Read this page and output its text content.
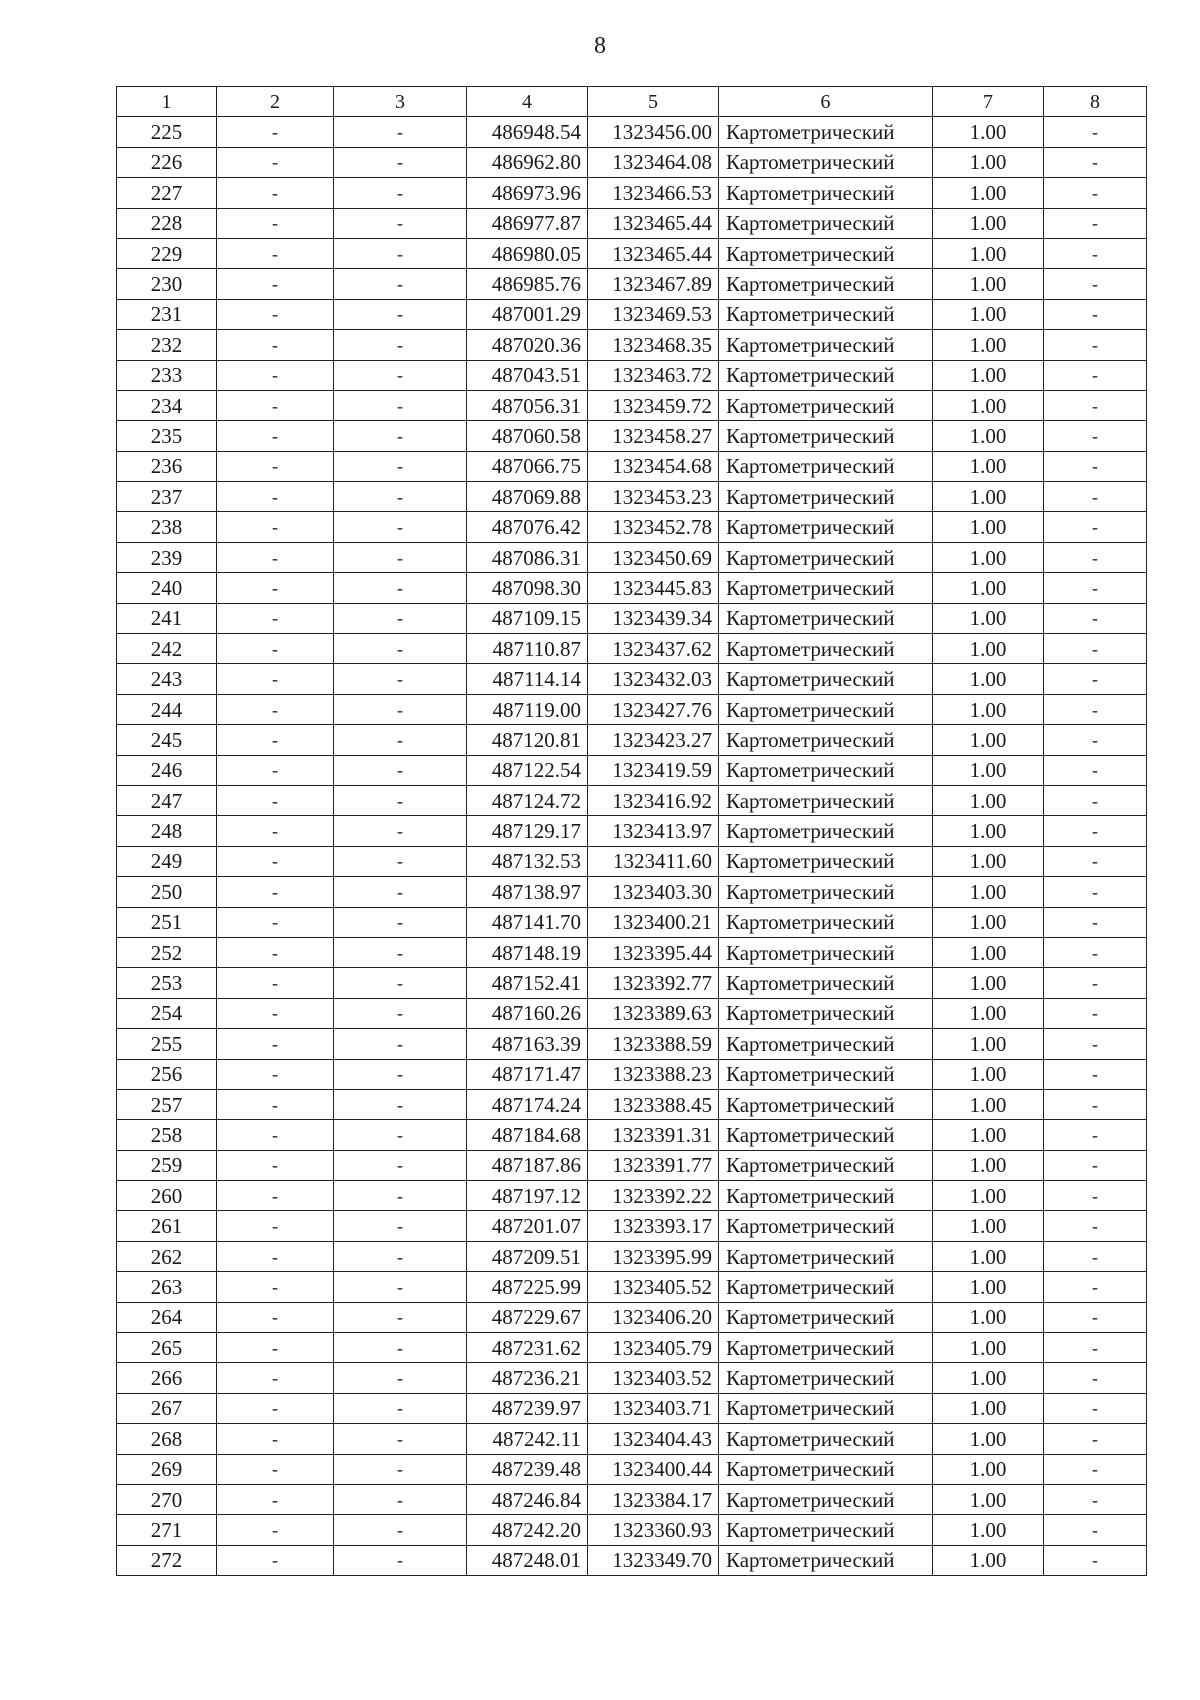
8
1	2	3	4	5	6	7	8
225	-	-	486948.54	1323456.00	Картометрический	1.00	-
226	-	-	486962.80	1323464.08	Картометрический	1.00	-
227	-	-	486973.96	1323466.53	Картометрический	1.00	-
228	-	-	486977.87	1323465.44	Картометрический	1.00	-
229	-	-	486980.05	1323465.44	Картометрический	1.00	-
230	-	-	486985.76	1323467.89	Картометрический	1.00	-
231	-	-	487001.29	1323469.53	Картометрический	1.00	-
232	-	-	487020.36	1323468.35	Картометрический	1.00	-
233	-	-	487043.51	1323463.72	Картометрический	1.00	-
234	-	-	487056.31	1323459.72	Картометрический	1.00	-
235	-	-	487060.58	1323458.27	Картометрический	1.00	-
236	-	-	487066.75	1323454.68	Картометрический	1.00	-
237	-	-	487069.88	1323453.23	Картометрический	1.00	-
238	-	-	487076.42	1323452.78	Картометрический	1.00	-
239	-	-	487086.31	1323450.69	Картометрический	1.00	-
240	-	-	487098.30	1323445.83	Картометрический	1.00	-
241	-	-	487109.15	1323439.34	Картометрический	1.00	-
242	-	-	487110.87	1323437.62	Картометрический	1.00	-
243	-	-	487114.14	1323432.03	Картометрический	1.00	-
244	-	-	487119.00	1323427.76	Картометрический	1.00	-
245	-	-	487120.81	1323423.27	Картометрический	1.00	-
246	-	-	487122.54	1323419.59	Картометрический	1.00	-
247	-	-	487124.72	1323416.92	Картометрический	1.00	-
248	-	-	487129.17	1323413.97	Картометрический	1.00	-
249	-	-	487132.53	1323411.60	Картометрический	1.00	-
250	-	-	487138.97	1323403.30	Картометрический	1.00	-
251	-	-	487141.70	1323400.21	Картометрический	1.00	-
252	-	-	487148.19	1323395.44	Картометрический	1.00	-
253	-	-	487152.41	1323392.77	Картометрический	1.00	-
254	-	-	487160.26	1323389.63	Картометрический	1.00	-
255	-	-	487163.39	1323388.59	Картометрический	1.00	-
256	-	-	487171.47	1323388.23	Картометрический	1.00	-
257	-	-	487174.24	1323388.45	Картометрический	1.00	-
258	-	-	487184.68	1323391.31	Картометрический	1.00	-
259	-	-	487187.86	1323391.77	Картометрический	1.00	-
260	-	-	487197.12	1323392.22	Картометрический	1.00	-
261	-	-	487201.07	1323393.17	Картометрический	1.00	-
262	-	-	487209.51	1323395.99	Картометрический	1.00	-
263	-	-	487225.99	1323405.52	Картометрический	1.00	-
264	-	-	487229.67	1323406.20	Картометрический	1.00	-
265	-	-	487231.62	1323405.79	Картометрический	1.00	-
266	-	-	487236.21	1323403.52	Картометрический	1.00	-
267	-	-	487239.97	1323403.71	Картометрический	1.00	-
268	-	-	487242.11	1323404.43	Картометрический	1.00	-
269	-	-	487239.48	1323400.44	Картометрический	1.00	-
270	-	-	487246.84	1323384.17	Картометрический	1.00	-
271	-	-	487242.20	1323360.93	Картометрический	1.00	-
272	-	-	487248.01	1323349.70	Картометрический	1.00	-
